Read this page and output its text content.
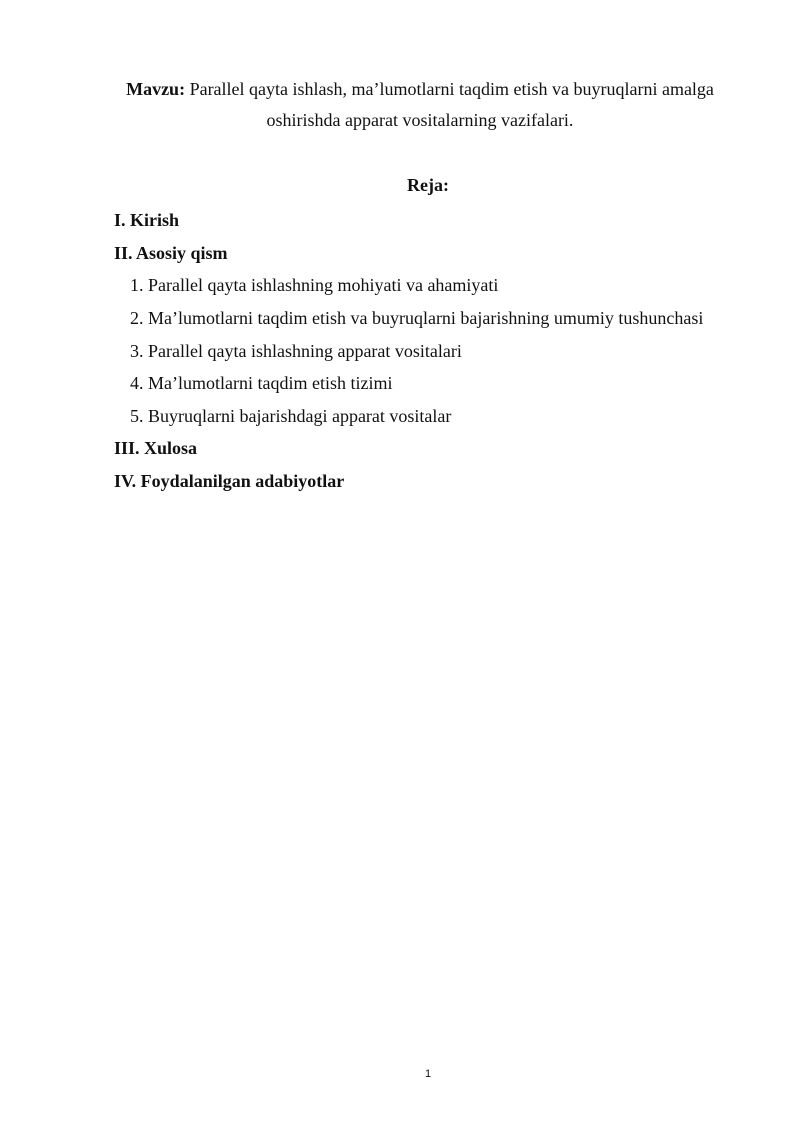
Mavzu: Parallel qayta ishlash, ma’lumotlarni taqdim etish va buyruqlarni amalga oshirishda apparat vositalarning vazifalari.
Reja:
I. Kirish
II. Asosiy qism
1. Parallel qayta ishlashning mohiyati va ahamiyati
2. Ma’lumotlarni taqdim etish va buyruqlarni bajarishning umumiy tushunchasi
3. Parallel qayta ishlashning apparat vositalari
4. Ma’lumotlarni taqdim etish tizimi
5. Buyruqlarni bajarishdagi apparat vositalar
III. Xulosa
IV. Foydalanilgan adabiyotlar
1
